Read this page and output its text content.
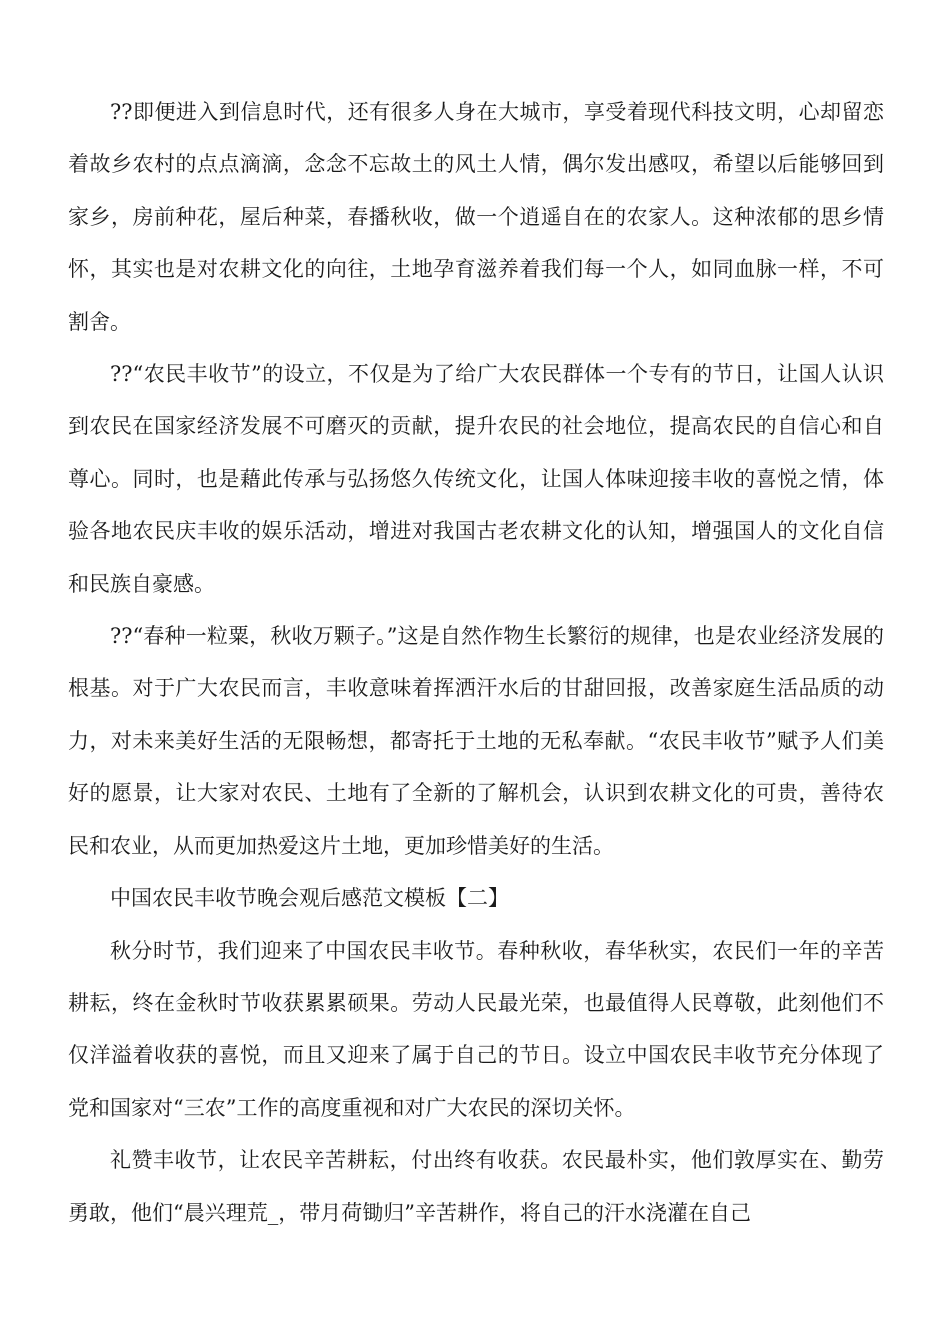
??即便进入到信息时代，还有很多人身在大城市，享受着现代科技文明，心却留恋着故乡农村的点点滴滴，念念不忘故土的风土人情，偶尔发出感叹，希望以后能够回到家乡，房前种花，屋后种菜，春播秋收，做一个逍遥自在的农家人。这种浓郁的思乡情怀，其实也是对农耕文化的向往，土地孕育滋养着我们每一个人，如同血脉一样，不可割舍。

??“农民丰收节”的设立，不仅是为了给广大农民群体一个专有的节日，让国人认识到农民在国家经济发展不可磨灭的贡献，提升农民的社会地位，提高农民的自信心和自尊心。同时，也是藉此传承与弘扬悠久传统文化，让国人体味迎接丰收的喜悦之情，体验各地农民庆丰收的娱乐活动，增进对我国古老农耕文化的认知，增强国人的文化自信和民族自豪感。

??“春种一粒粟，秋收万颗子。”这是自然作物生长繁衍的规律，也是农业经济发展的根基。对于广大农民而言，丰收意味着挥洒汗水后的甘甜回报，改善家庭生活品质的动力，对未来美好生活的无限畅想，都寄托于土地的无私奉献。“农民丰收节”赋予人们美好的愿景，让大家对农民、土地有了全新的了解机会，认识到农耕文化的可贵，善待农民和农业，从而更加热爱这片土地，更加珍惜美好的生活。

中国农民丰收节晚会观后感范文模板【二】

秋分时节，我们迎来了中国农民丰收节。春种秋收，春华秋实，农民们一年的辛苦耕耘，终在金秋时节收获累累硕果。劳动人民最光荣，也最值得人民尊敬，此刻他们不仅洋溢着收获的喜悦，而且又迎来了属于自己的节日。设立中国农民丰收节充分体现了党和国家对“三农”工作的高度重视和对广大农民的深切关怀。

礼赞丰收节，让农民辛苦耕耘，付出终有收获。农民最朴实，他们敦厚实在、勤劳勇敢，他们“晨兴理荒_，带月荷锄归”辛苦耕作，将自己的汗水浇灌在自己
